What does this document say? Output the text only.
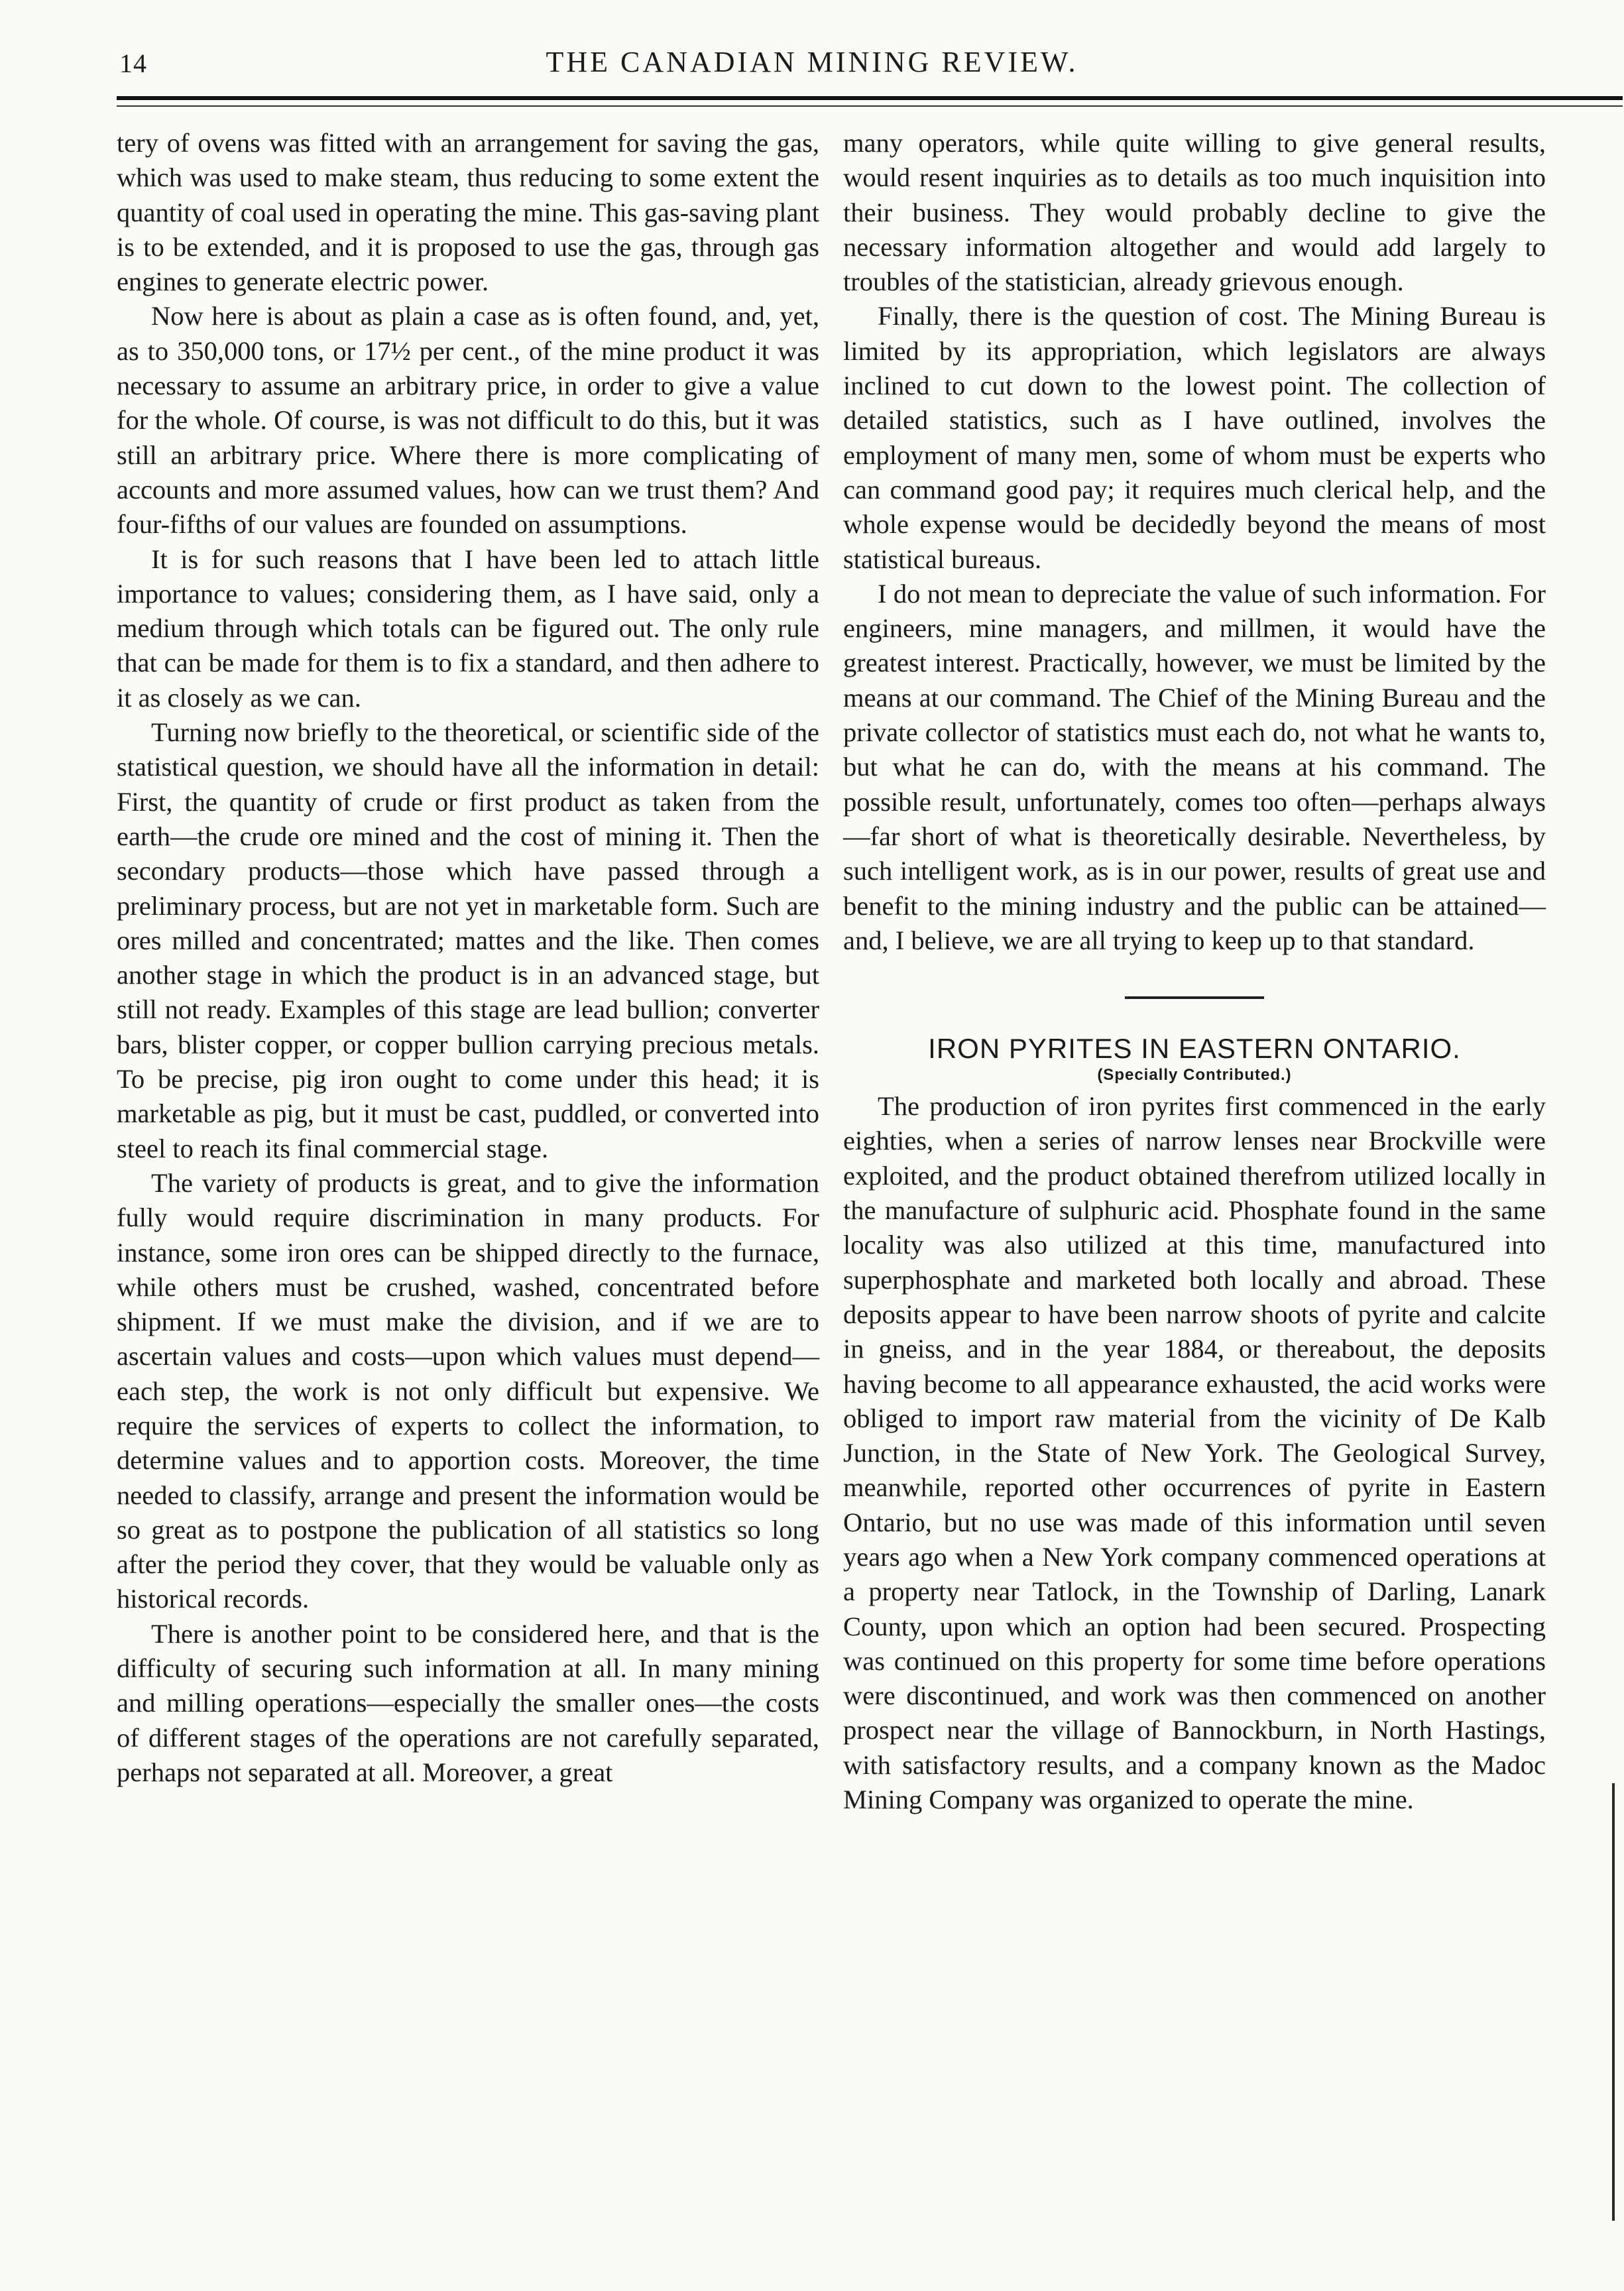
14	THE CANADIAN MINING REVIEW.

tery of ovens was fitted with an arrangement for saving the gas, which was used to make steam, thus reducing to some extent the quantity of coal used in operating the mine. This gas-saving plant is to be extended, and it is proposed to use the gas, through gas engines to generate electric power.

Now here is about as plain a case as is often found, and, yet, as to 350,000 tons, or 17½ per cent., of the mine product it was necessary to assume an arbitrary price, in order to give a value for the whole. Of course, is was not difficult to do this, but it was still an arbitrary price. Where there is more complicating of accounts and more assumed values, how can we trust them? And four-fifths of our values are founded on assumptions.

It is for such reasons that I have been led to attach little importance to values; considering them, as I have said, only a medium through which totals can be figured out. The only rule that can be made for them is to fix a standard, and then adhere to it as closely as we can.

Turning now briefly to the theoretical, or scientific side of the statistical question, we should have all the information in detail: First, the quantity of crude or first product as taken from the earth—the crude ore mined and the cost of mining it. Then the secondary products—those which have passed through a preliminary process, but are not yet in marketable form. Such are ores milled and concentrated; mattes and the like. Then comes another stage in which the product is in an advanced stage, but still not ready. Examples of this stage are lead bullion; converter bars, blister copper, or copper bullion carrying precious metals. To be precise, pig iron ought to come under this head; it is marketable as pig, but it must be cast, puddled, or converted into steel to reach its final commercial stage.

The variety of products is great, and to give the information fully would require discrimination in many products. For instance, some iron ores can be shipped directly to the furnace, while others must be crushed, washed, concentrated before shipment. If we must make the division, and if we are to ascertain values and costs—upon which values must depend—each step, the work is not only difficult but expensive. We require the services of experts to collect the information, to determine values and to apportion costs. Moreover, the time needed to classify, arrange and present the information would be so great as to postpone the publication of all statistics so long after the period they cover, that they would be valuable only as historical records.

There is another point to be considered here, and that is the difficulty of securing such information at all. In many mining and milling operations—especially the smaller ones—the costs of different stages of the operations are not carefully separated, perhaps not separated at all. Moreover, a great

many operators, while quite willing to give general results, would resent inquiries as to details as too much inquisition into their business. They would probably decline to give the necessary information altogether and would add largely to troubles of the statistician, already grievous enough.

Finally, there is the question of cost. The Mining Bureau is limited by its appropriation, which legislators are always inclined to cut down to the lowest point. The collection of detailed statistics, such as I have outlined, involves the employment of many men, some of whom must be experts who can command good pay; it requires much clerical help, and the whole expense would be decidedly beyond the means of most statistical bureaus.

I do not mean to depreciate the value of such information. For engineers, mine managers, and millmen, it would have the greatest interest. Practically, however, we must be limited by the means at our command. The Chief of the Mining Bureau and the private collector of statistics must each do, not what he wants to, but what he can do, with the means at his command. The possible result, unfortunately, comes too often—perhaps always—far short of what is theoretically desirable. Nevertheless, by such intelligent work, as is in our power, results of great use and benefit to the mining industry and the public can be attained—and, I believe, we are all trying to keep up to that standard.

IRON PYRITES IN EASTERN ONTARIO.
(Specially Contributed.)

The production of iron pyrites first commenced in the early eighties, when a series of narrow lenses near Brockville were exploited, and the product obtained therefrom utilized locally in the manufacture of sulphuric acid. Phosphate found in the same locality was also utilized at this time, manufactured into superphosphate and marketed both locally and abroad. These deposits appear to have been narrow shoots of pyrite and calcite in gneiss, and in the year 1884, or thereabout, the deposits having become to all appearance exhausted, the acid works were obliged to import raw material from the vicinity of De Kalb Junction, in the State of New York. The Geological Survey, meanwhile, reported other occurrences of pyrite in Eastern Ontario, but no use was made of this information until seven years ago when a New York company commenced operations at a property near Tatlock, in the Township of Darling, Lanark County, upon which an option had been secured. Prospecting was continued on this property for some time before operations were discontinued, and work was then commenced on another prospect near the village of Bannockburn, in North Hastings, with satisfactory results, and a company known as the Madoc Mining Company was organized to operate the mine.
